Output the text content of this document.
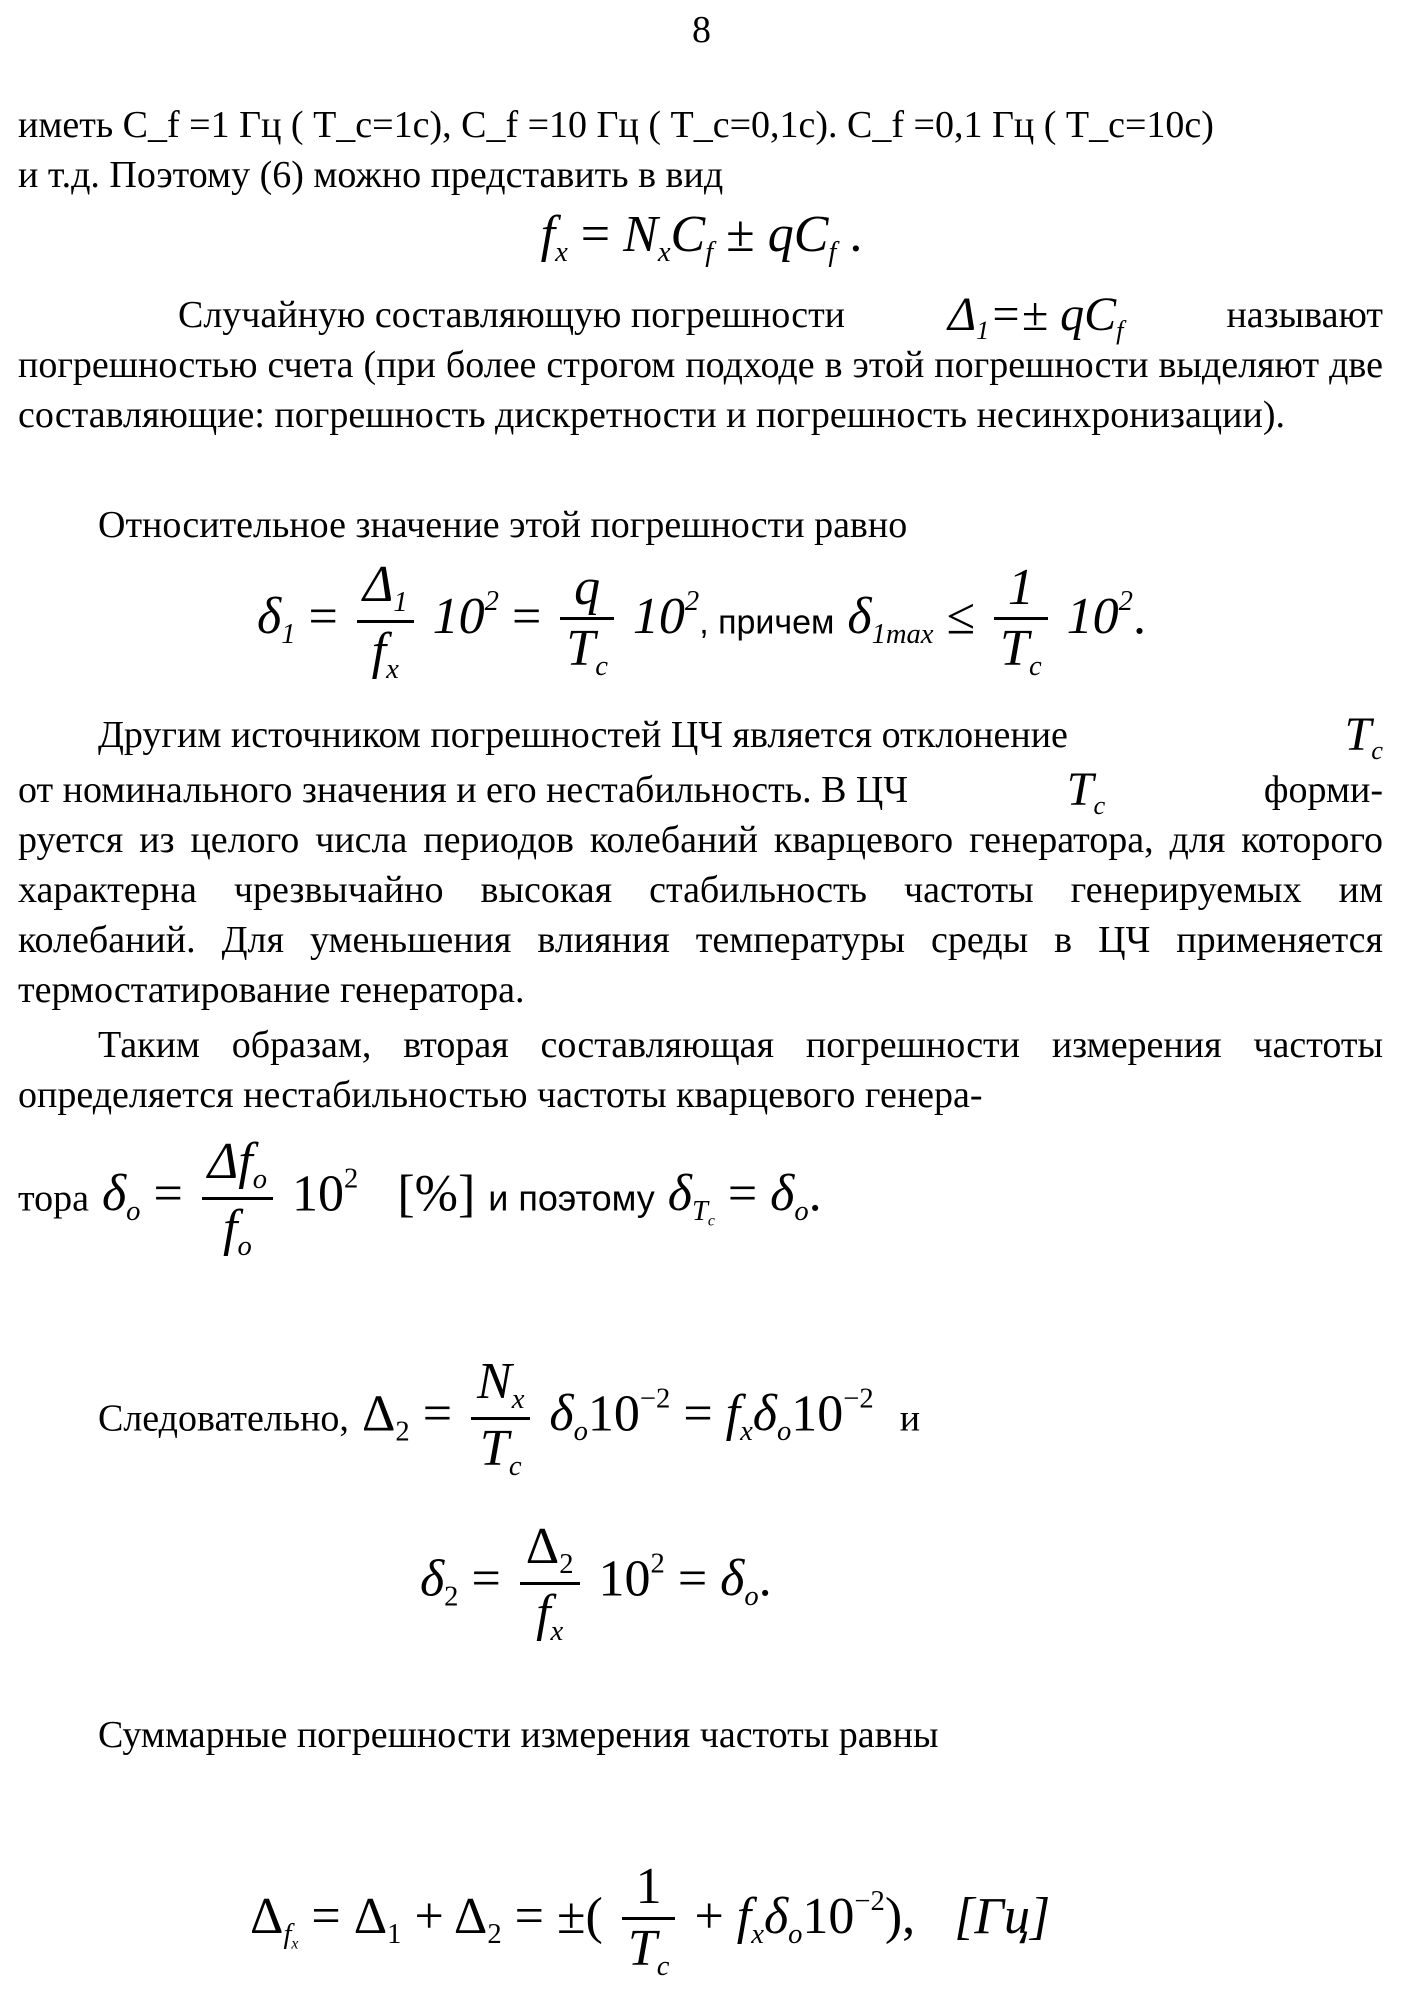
8
иметь C_f =1 Гц ( T_c=1c), C_f =10 Гц ( T_c=0,1c). C_f =0,1 Гц ( T_c=10c)
и т.д. Поэтому (6) можно представить в вид
$f_x = N_xC_f \pm qC_f$ .
Случайную составляющую погрешности	$\Delta_1=\pm qC_f$	называют

погрешностью счета (при более строгом подходе в этой погрешности выделяют две составляющие: погрешность дискретности и погрешность несинхронизации).

Относительное значение этой погрешности равно

$\delta_1 = \frac{\Delta_1}{f_x} 10^2 = \frac{q}{T_c} 10^2$, причем $\delta_{1max} \le \frac{1}{T_c} 10^2$.
Другим источником погрешностей ЦЧ является отклонение	$T_c$
от номинального значения и его нестабильность. В ЦЧ	$T_c$	форми-

руется из целого числа периодов колебаний кварцевого генератора, для которого характерна чрезвычайно высокая стабильность частоты генерируемых им колебаний. Для уменьшения влияния температуры среды в ЦЧ применяется термостатирование генератора.

Таким образам, вторая составляющая погрешности измерения частоты определяется нестабильностью частоты кварцевого генера-

тора $\delta_o = \frac{\Delta f_o}{f_o} 10^2$ [%] и поэтому $\delta_{T_c} = \delta_o$.
Следовательно, $\Delta_2 = \frac{N_x}{T_c} \delta_o10^{-2} = f_x\delta_o10^{-2}$ и
$\delta_2 = \frac{\Delta_2}{f_x} 10^2 = \delta_o$.
Суммарные погрешности измерения частоты равны
$\Delta_{f_x} = \Delta_1 + \Delta_2$ = ±( $\frac{1}{T_c} + f_x\delta_o10^{-2}$),   [Гц]
